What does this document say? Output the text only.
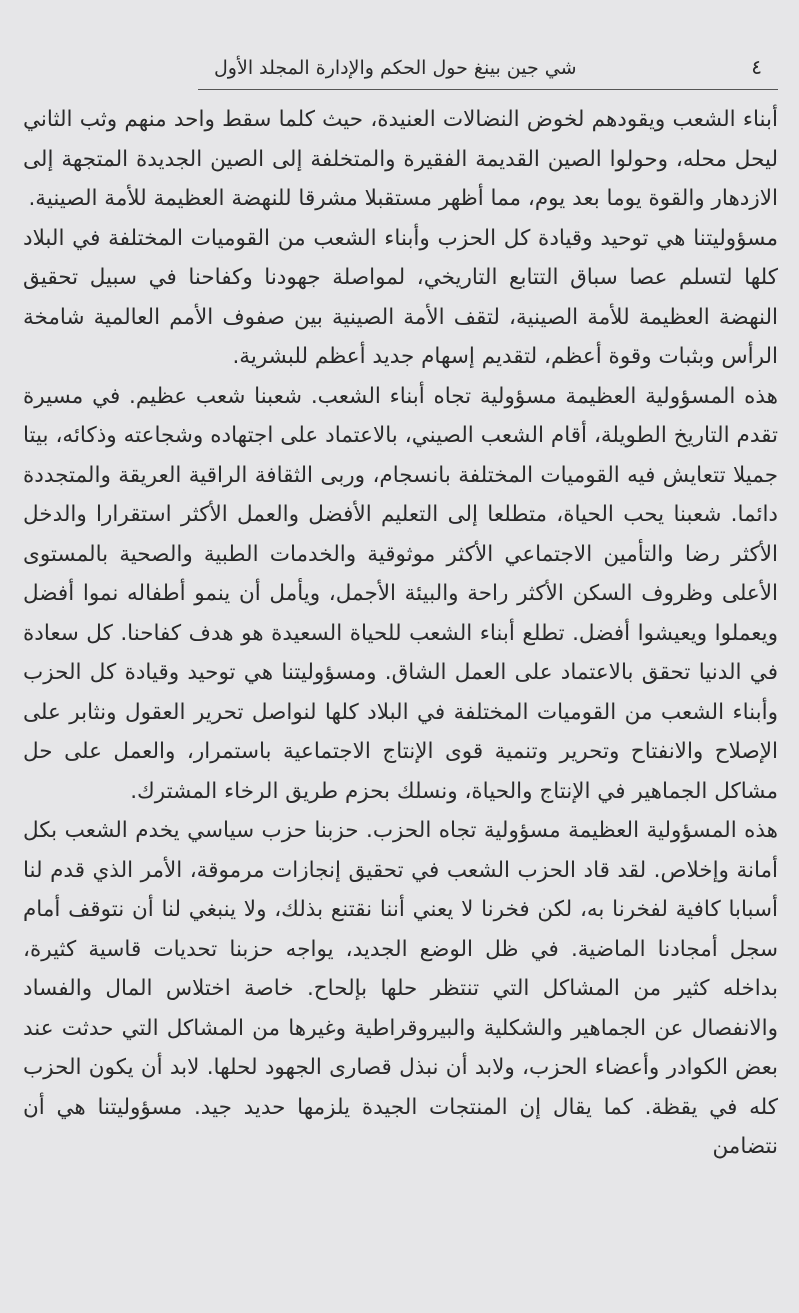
٤
شي جين بينغ حول الحكم والإدارة المجلد الأول

أبناء الشعب ويقودهم لخوض النضالات العنيدة، حيث كلما سقط واحد منهم وثب الثاني ليحل محله، وحولوا الصين القديمة الفقيرة والمتخلفة إلى الصين الجديدة المتجهة إلى الازدهار والقوة يوما بعد يوم، مما أظهر مستقبلا مشرقا للنهضة العظيمة للأمة الصينية.

مسؤوليتنا هي توحيد وقيادة كل الحزب وأبناء الشعب من القوميات المختلفة في البلاد كلها لتسلم عصا سباق التتابع التاريخي، لمواصلة جهودنا وكفاحنا في سبيل تحقيق النهضة العظيمة للأمة الصينية، لتقف الأمة الصينية بين صفوف الأمم العالمية شامخة الرأس وبثبات وقوة أعظم، لتقديم إسهام جديد أعظم للبشرية.

هذه المسؤولية العظيمة مسؤولية تجاه أبناء الشعب. شعبنا شعب عظيم. في مسيرة تقدم التاريخ الطويلة، أقام الشعب الصيني، بالاعتماد على اجتهاده وشجاعته وذكائه، بيتا جميلا تتعايش فيه القوميات المختلفة بانسجام، وربى الثقافة الراقية العريقة والمتجددة دائما. شعبنا يحب الحياة، متطلعا إلى التعليم الأفضل والعمل الأكثر استقرارا والدخل الأكثر رضا والتأمين الاجتماعي الأكثر موثوقية والخدمات الطبية والصحية بالمستوى الأعلى وظروف السكن الأكثر راحة والبيئة الأجمل، ويأمل أن ينمو أطفاله نموا أفضل ويعملوا ويعيشوا أفضل. تطلع أبناء الشعب للحياة السعيدة هو هدف كفاحنا. كل سعادة في الدنيا تحقق بالاعتماد على العمل الشاق. ومسؤوليتنا هي توحيد وقيادة كل الحزب وأبناء الشعب من القوميات المختلفة في البلاد كلها لنواصل تحرير العقول ونثابر على الإصلاح والانفتاح وتحرير وتنمية قوى الإنتاج الاجتماعية باستمرار، والعمل على حل مشاكل الجماهير في الإنتاج والحياة، ونسلك بحزم طريق الرخاء المشترك.

هذه المسؤولية العظيمة مسؤولية تجاه الحزب. حزبنا حزب سياسي يخدم الشعب بكل أمانة وإخلاص. لقد قاد الحزب الشعب في تحقيق إنجازات مرموقة، الأمر الذي قدم لنا أسبابا كافية لفخرنا به، لكن فخرنا لا يعني أننا نقتنع بذلك، ولا ينبغي لنا أن نتوقف أمام سجل أمجادنا الماضية. في ظل الوضع الجديد، يواجه حزبنا تحديات قاسية كثيرة، بداخله كثير من المشاكل التي تنتظر حلها بإلحاح. خاصة اختلاس المال والفساد والانفصال عن الجماهير والشكلية والبيروقراطية وغيرها من المشاكل التي حدثت عند بعض الكوادر وأعضاء الحزب، ولابد أن نبذل قصارى الجهود لحلها. لابد أن يكون الحزب كله في يقظة. كما يقال إن المنتجات الجيدة يلزمها حديد جيد. مسؤوليتنا هي أن نتضامن
